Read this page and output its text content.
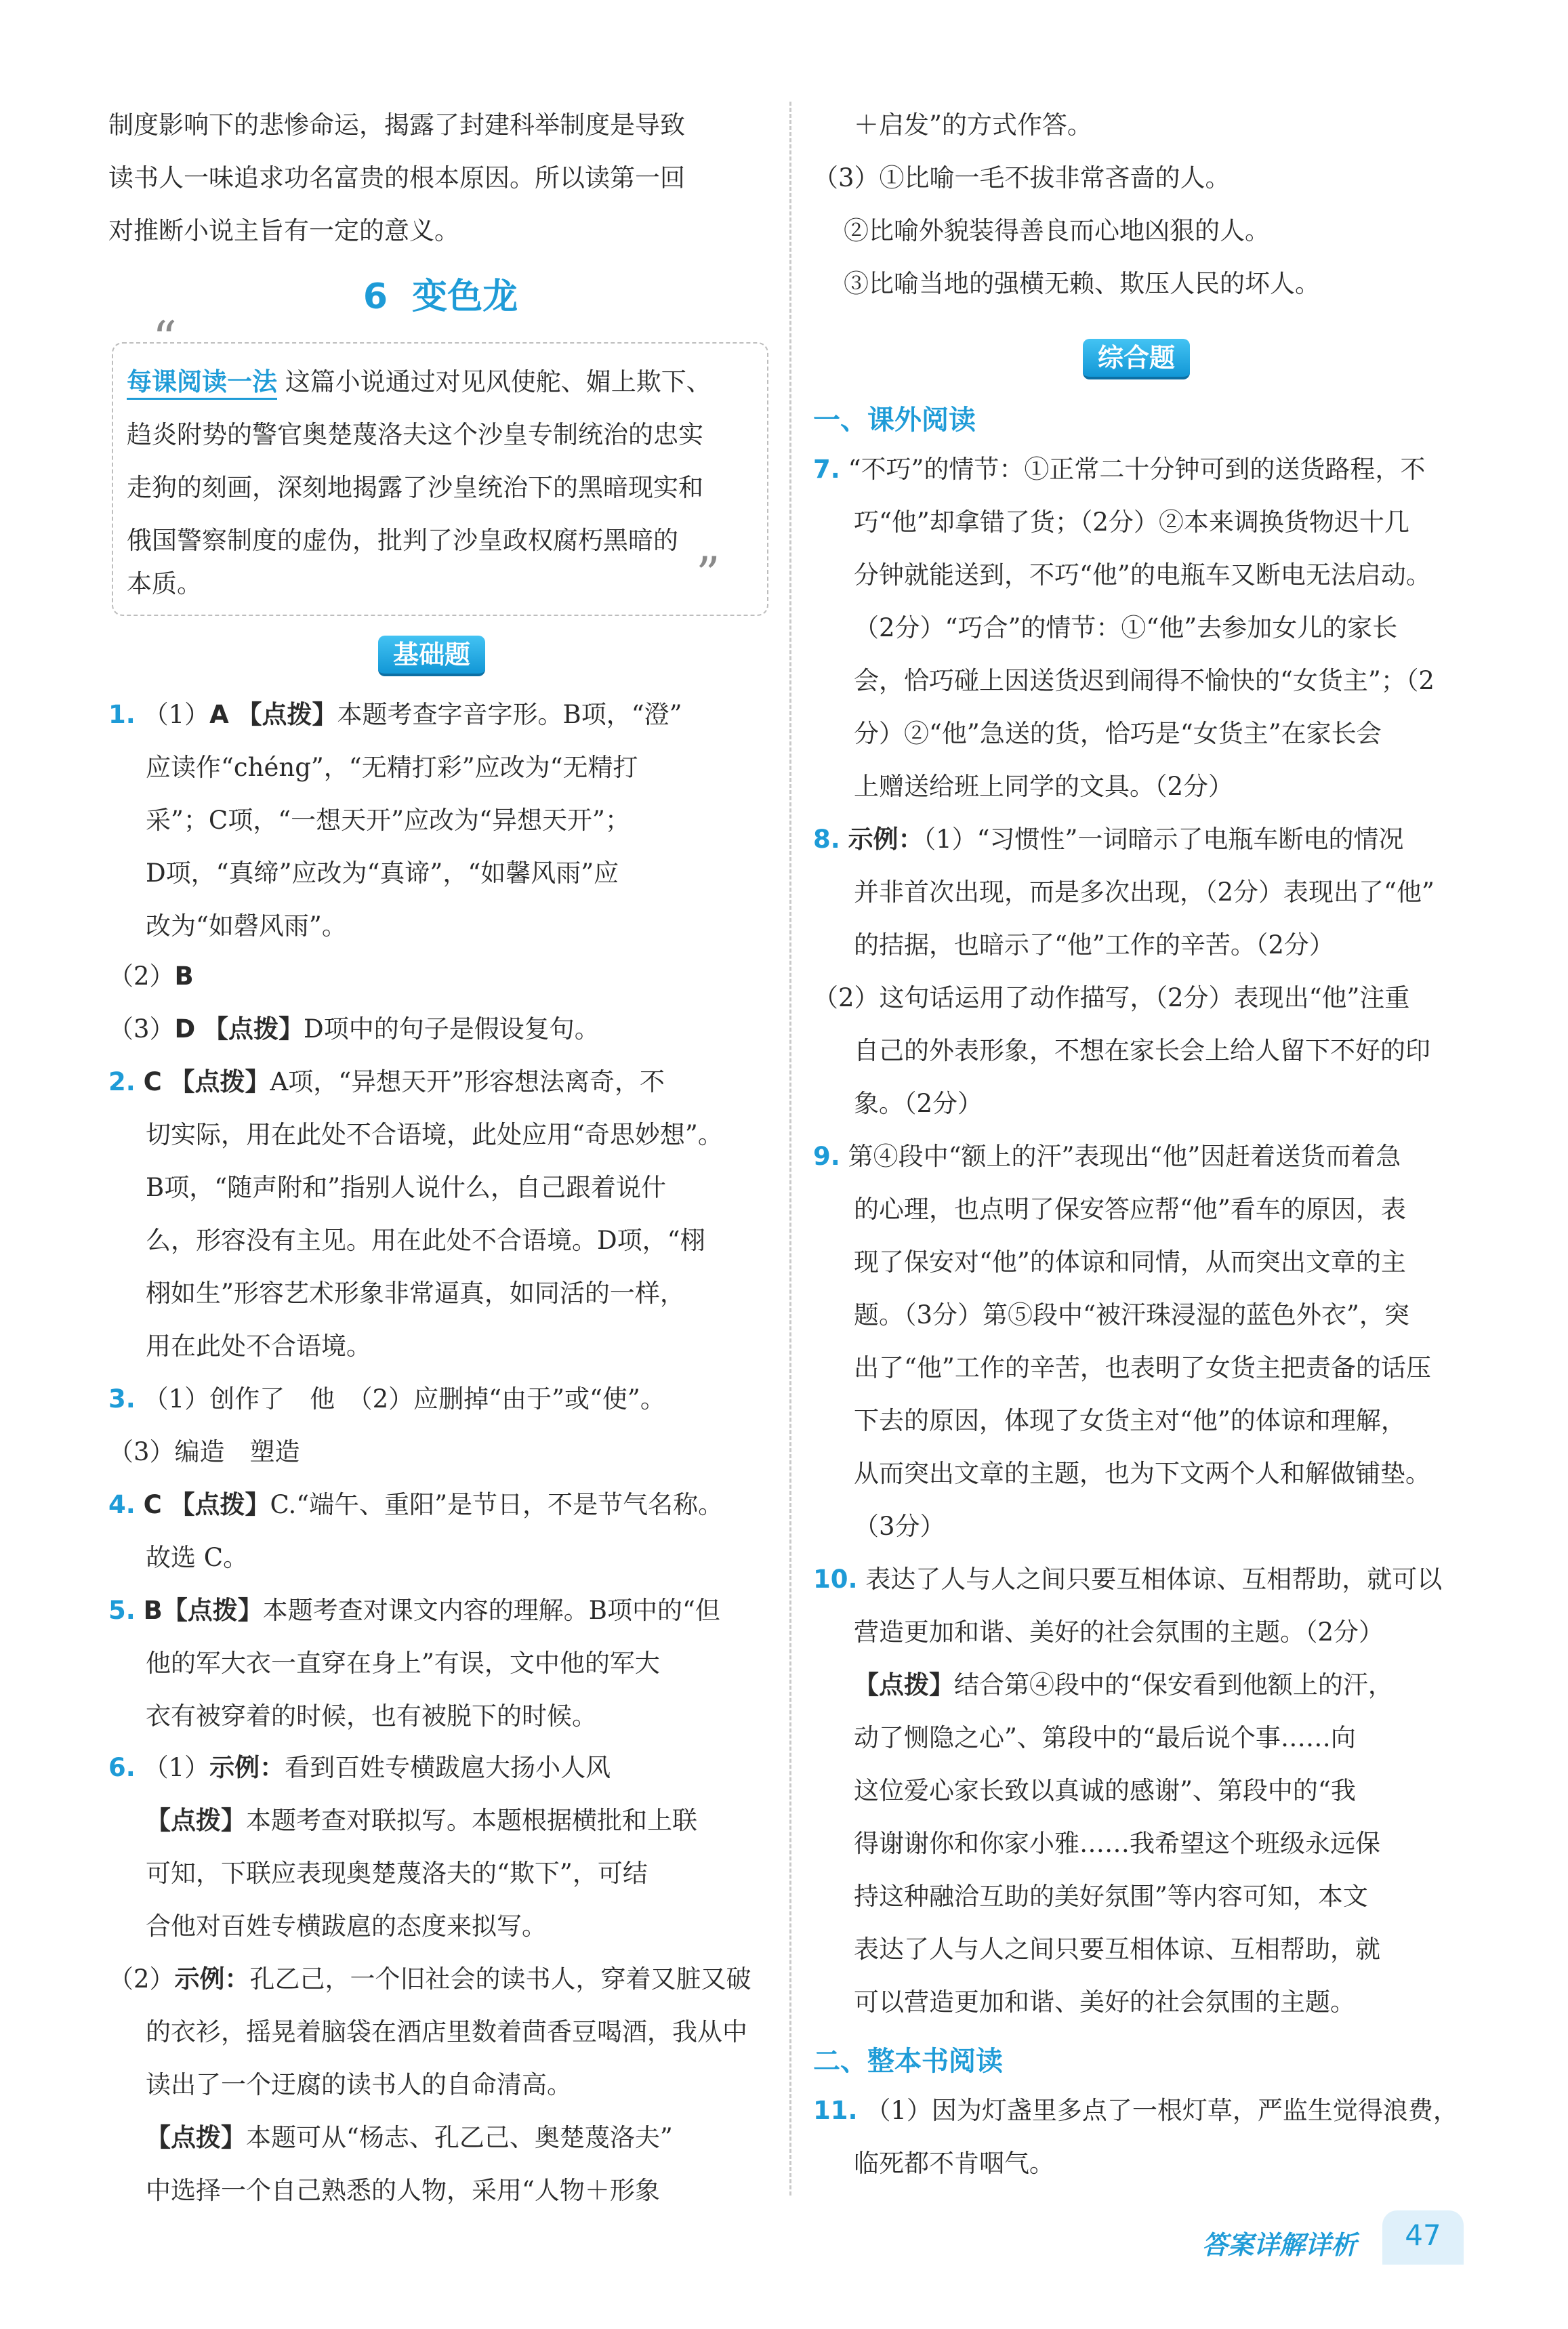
制度影响下的悲惨命运，揭露了封建科举制度是导致
读书人一味追求功名富贵的根本原因。所以读第一回
对推断小说主旨有一定的意义。
6 变色龙
“
每课阅读一法 这篇小说通过对见风使舵、媚上欺下、
趋炎附势的警官奥楚蔑洛夫这个沙皇专制统治的忠实
走狗的刻画，深刻地揭露了沙皇统治下的黑暗现实和
俄国警察制度的虚伪，批判了沙皇政权腐朽黑暗的
本质。	”
基础题
1. （1）A 【点拨】本题考查字音字形。B项，“澄”
应读作“chéng”，“无精打彩”应改为“无精打
采”；C项，“一想天开”应改为“异想天开”；
D项，“真缔”应改为“真谛”，“如馨风雨”应
改为“如磬风雨”。
（2）B
（3）D 【点拨】D项中的句子是假设复句。
2. C 【点拨】A项，“异想天开”形容想法离奇，不
切实际，用在此处不合语境，此处应用“奇思妙想”。
B项，“随声附和”指别人说什么，自己跟着说什
么，形容没有主见。用在此处不合语境。D项，“栩
栩如生”形容艺术形象非常逼真，如同活的一样，
用在此处不合语境。
3. （1）创作了　他　（2）应删掉“由于”或“使”。
（3）编造　塑造
4. C 【点拨】C.“端午、重阳”是节日，不是节气名称。
故选 C。
5. B【点拨】本题考查对课文内容的理解。B项中的“但
他的军大衣一直穿在身上”有误，文中他的军大
衣有被穿着的时候，也有被脱下的时候。
6. （1）示例：看到百姓专横跋扈大扬小人风
【点拨】本题考查对联拟写。本题根据横批和上联
可知，下联应表现奥楚蔑洛夫的“欺下”，可结
合他对百姓专横跋扈的态度来拟写。
（2）示例：孔乙己，一个旧社会的读书人，穿着又脏又破
的衣衫，摇晃着脑袋在酒店里数着茴香豆喝酒，我从中
读出了一个迂腐的读书人的自命清高。
【点拨】本题可从“杨志、孔乙己、奥楚蔑洛夫”
中选择一个自己熟悉的人物，采用“人物＋形象
＋启发”的方式作答。
（3）①比喻一毛不拔非常吝啬的人。
②比喻外貌装得善良而心地凶狠的人。
③比喻当地的强横无赖、欺压人民的坏人。
综合题
一、课外阅读
7. “不巧”的情节：①正常二十分钟可到的送货路程，不
巧“他”却拿错了货；（2分）②本来调换货物迟十几
分钟就能送到，不巧“他”的电瓶车又断电无法启动。
（2分）“巧合”的情节：①“他”去参加女儿的家长
会，恰巧碰上因送货迟到闹得不愉快的“女货主”；（2
分）②“他”急送的货，恰巧是“女货主”在家长会
上赠送给班上同学的文具。（2分）
8. 示例：（1）“习惯性”一词暗示了电瓶车断电的情况
并非首次出现，而是多次出现，（2分）表现出了“他”
的拮据，也暗示了“他”工作的辛苦。（2分）
（2）这句话运用了动作描写，（2分）表现出“他”注重
自己的外表形象，不想在家长会上给人留下不好的印
象。（2分）
9. 第④段中“额上的汗”表现出“他”因赶着送货而着急
的心理，也点明了保安答应帮“他”看车的原因，表
现了保安对“他”的体谅和同情，从而突出文章的主
题。（3分）第⑤段中“被汗珠浸湿的蓝色外衣”，突
出了“他”工作的辛苦，也表明了女货主把责备的话压
下去的原因，体现了女货主对“他”的体谅和理解，
从而突出文章的主题，也为下文两个人和解做铺垫。
（3分）
10. 表达了人与人之间只要互相体谅、互相帮助，就可以
营造更加和谐、美好的社会氛围的主题。（2分）
【点拨】结合第④段中的“保安看到他额上的汗，
动了恻隐之心”、第段中的“最后说个事……向
这位爱心家长致以真诚的感谢”、第段中的“我
得谢谢你和你家小雅……我希望这个班级永远保
持这种融洽互助的美好氛围”等内容可知，本文
表达了人与人之间只要互相体谅、互相帮助，就
可以营造更加和谐、美好的社会氛围的主题。
二、整本书阅读
11. （1）因为灯盏里多点了一根灯草，严监生觉得浪费，
临死都不肯咽气。
答案详解详析	47
